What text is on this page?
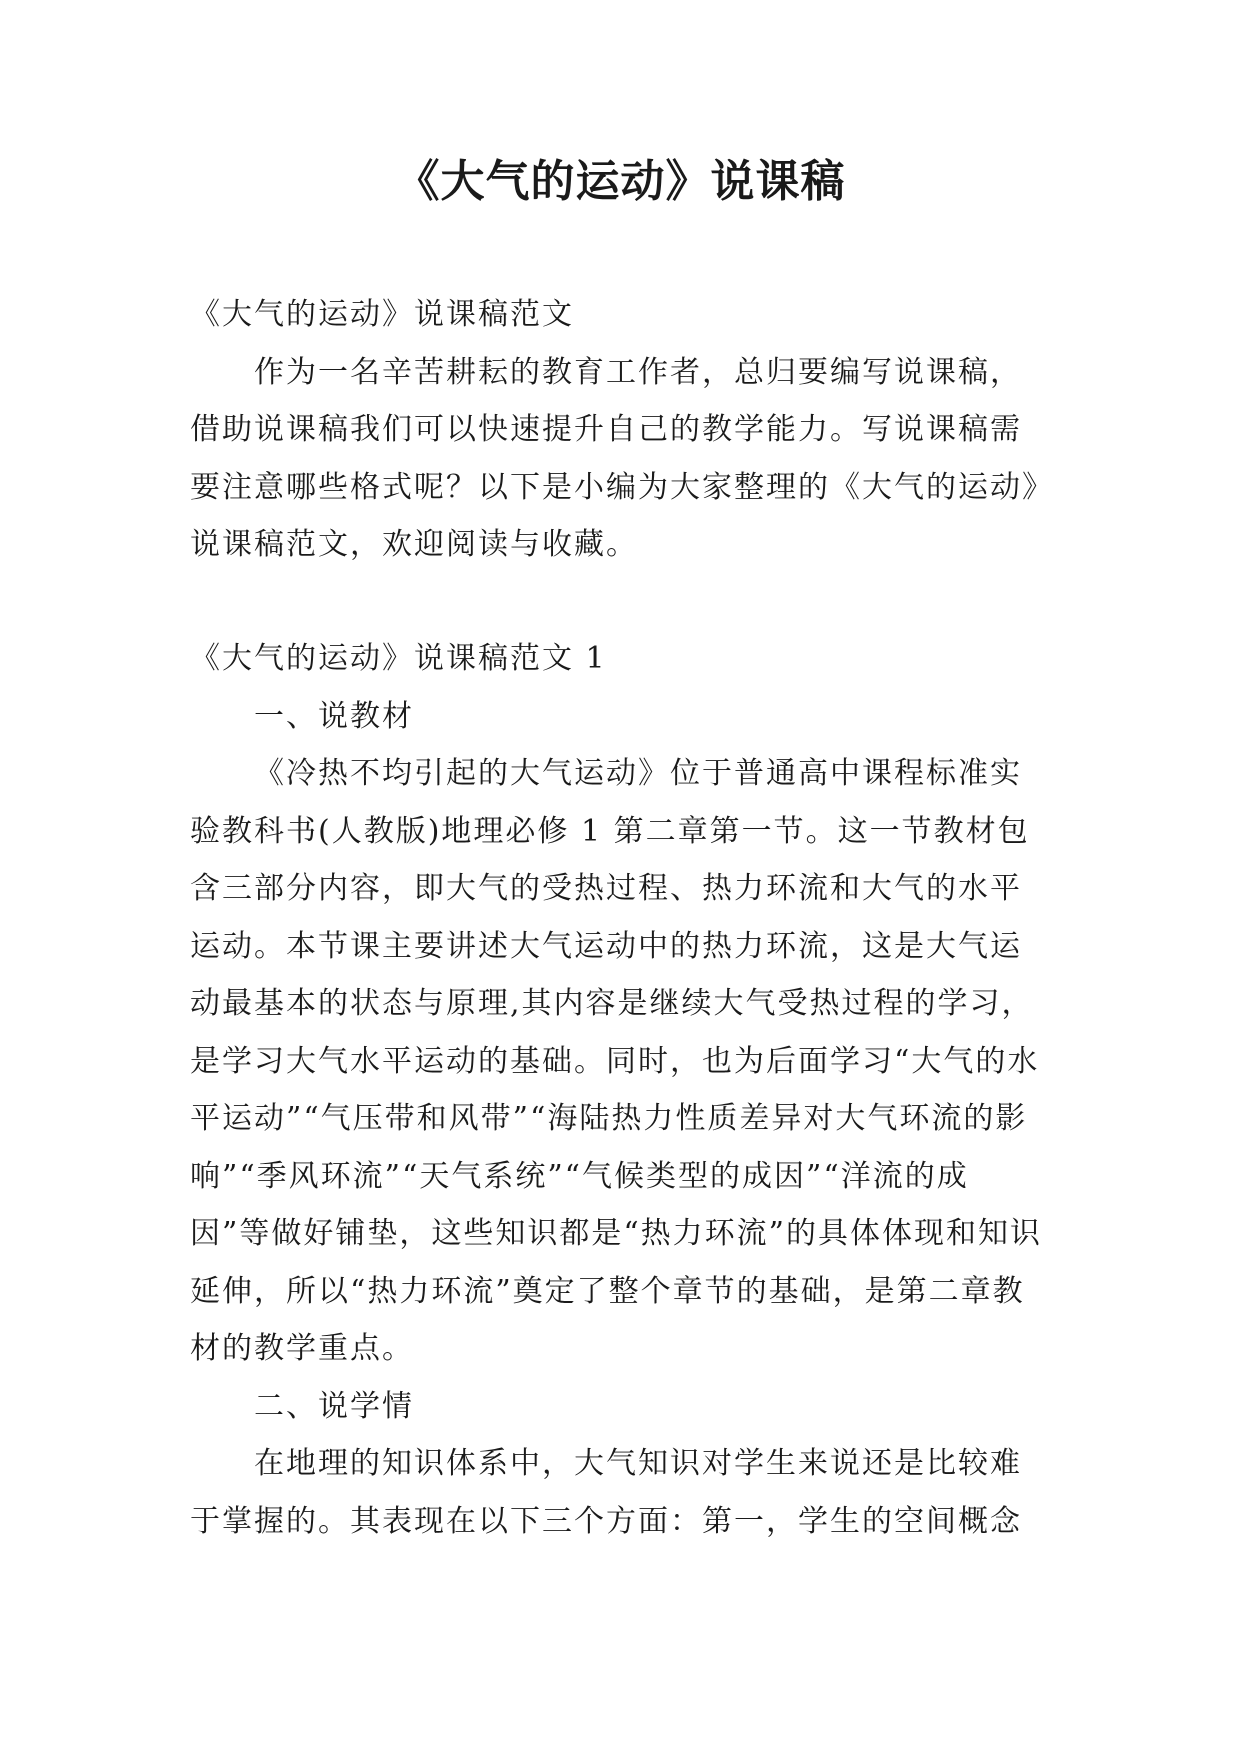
《大气的运动》说课稿

《大气的运动》说课稿范文

作为一名辛苦耕耘的教育工作者，总归要编写说课稿，借助说课稿我们可以快速提升自己的教学能力。写说课稿需要注意哪些格式呢？以下是小编为大家整理的《大气的运动》说课稿范文，欢迎阅读与收藏。

《大气的运动》说课稿范文 1

一、说教材

《冷热不均引起的大气运动》位于普通高中课程标准实验教科书(人教版)地理必修 1 第二章第一节。这一节教材包含三部分内容，即大气的受热过程、热力环流和大气的水平运动。本节课主要讲述大气运动中的热力环流，这是大气运动最基本的状态与原理,其内容是继续大气受热过程的学习，是学习大气水平运动的基础。同时，也为后面学习“大气的水平运动”“气压带和风带”“海陆热力性质差异对大气环流的影响”“季风环流”“天气系统”“气候类型的成因”“洋流的成因”等做好铺垫，这些知识都是“热力环流”的具体体现和知识延伸，所以“热力环流”奠定了整个章节的基础，是第二章教材的教学重点。

二、说学情

在地理的知识体系中，大气知识对学生来说还是比较难于掌握的。其表现在以下三个方面：第一，学生的空间概念
